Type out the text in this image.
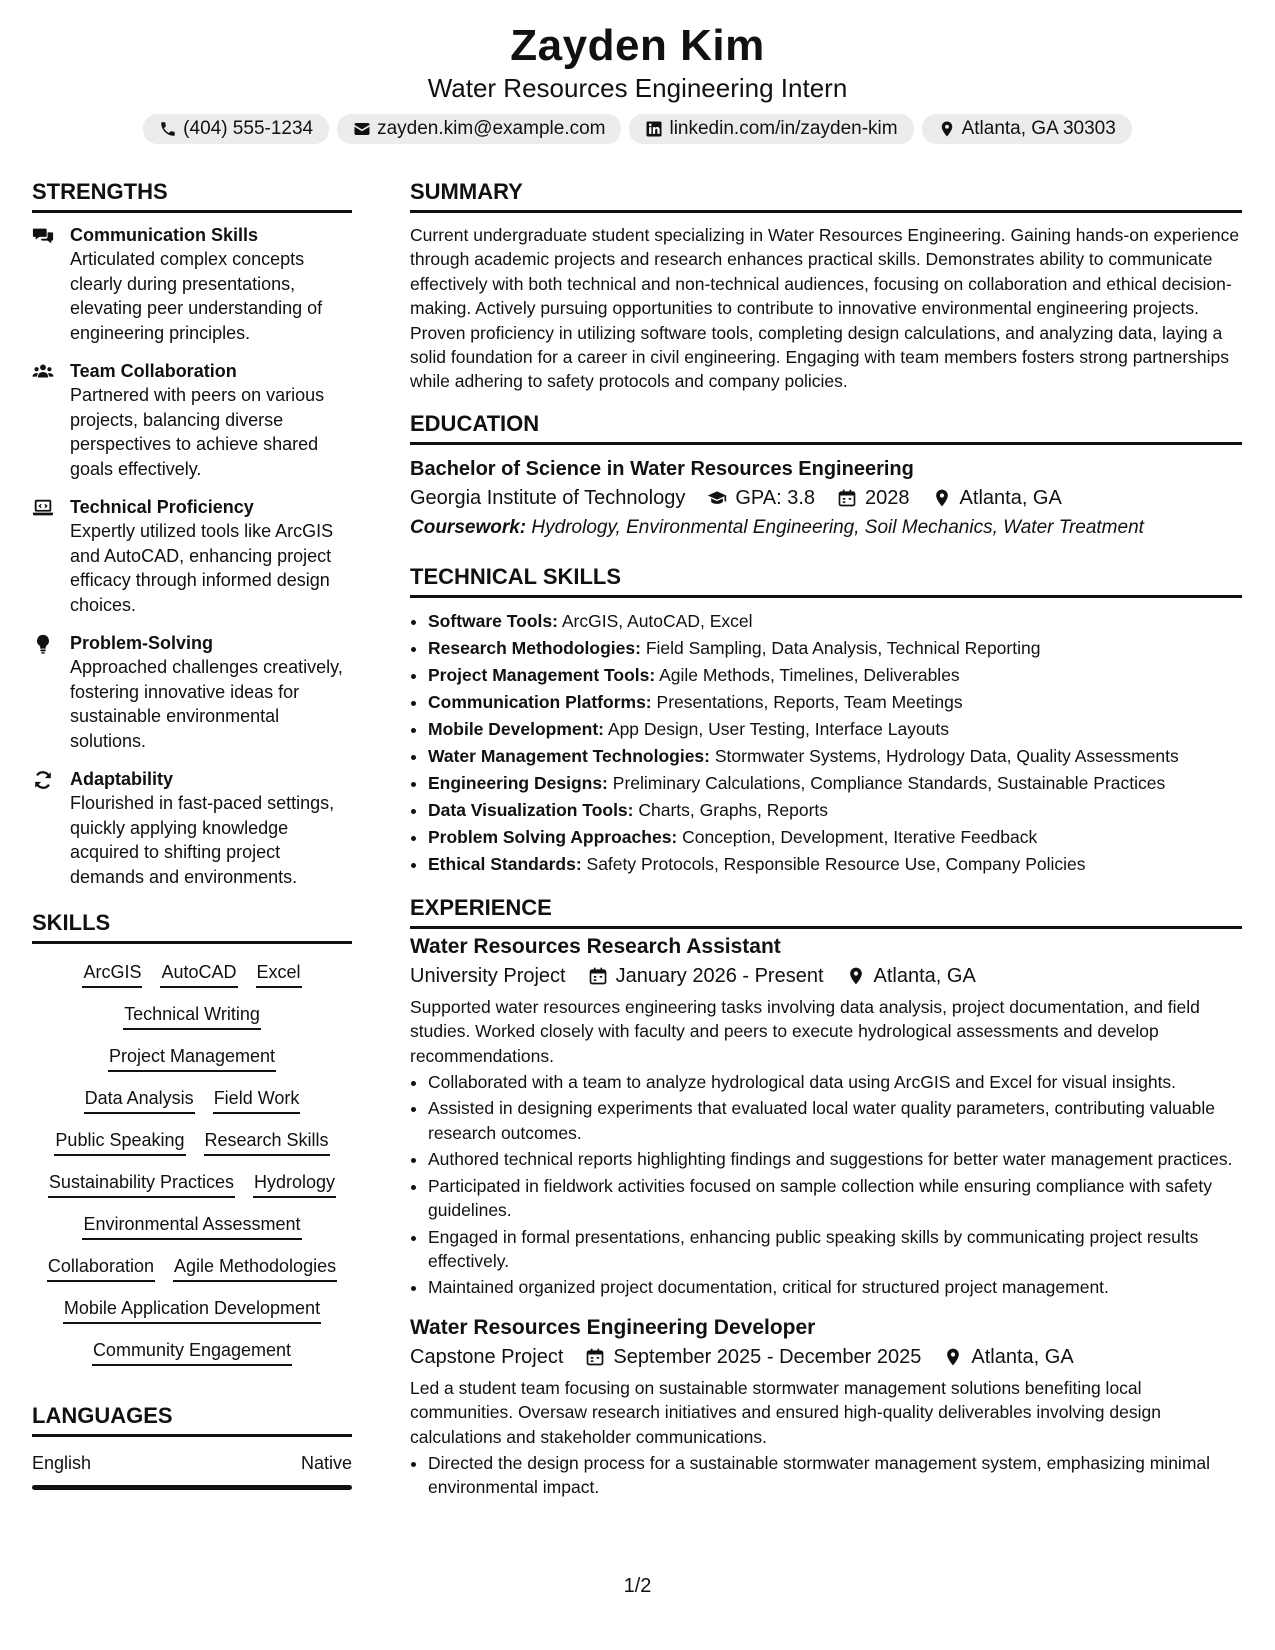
Zayden Kim
Water Resources Engineering Intern
(404) 555-1234	zayden.kim@example.com	linkedin.com/in/zayden-kim	Atlanta, GA 30303
STRENGTHS
Communication Skills
Articulated complex concepts clearly during presentations, elevating peer understanding of engineering principles.
Team Collaboration
Partnered with peers on various projects, balancing diverse perspectives to achieve shared goals effectively.
Technical Proficiency
Expertly utilized tools like ArcGIS and AutoCAD, enhancing project efficacy through informed design choices.
Problem-Solving
Approached challenges creatively, fostering innovative ideas for sustainable environmental solutions.
Adaptability
Flourished in fast-paced settings, quickly applying knowledge acquired to shifting project demands and environments.
SKILLS
ArcGIS AutoCAD Excel
Technical Writing
Project Management
Data Analysis Field Work
Public Speaking Research Skills
Sustainability Practices Hydrology
Environmental Assessment
Collaboration Agile Methodologies
Mobile Application Development
Community Engagement
LANGUAGES
English	Native
SUMMARY

Current undergraduate student specializing in Water Resources Engineering. Gaining hands-on experience through academic projects and research enhances practical skills. Demonstrates ability to communicate effectively with both technical and non-technical audiences, focusing on collaboration and ethical decision-making. Actively pursuing opportunities to contribute to innovative environmental engineering projects. Proven proficiency in utilizing software tools, completing design calculations, and analyzing data, laying a solid foundation for a career in civil engineering. Engaging with team members fosters strong partnerships while adhering to safety protocols and company policies.

EDUCATION
Bachelor of Science in Water Resources Engineering
Georgia Institute of Technology	GPA: 3.8	2028	Atlanta, GA
Coursework: Hydrology, Environmental Engineering, Soil Mechanics, Water Treatment
TECHNICAL SKILLS
• Software Tools: ArcGIS, AutoCAD, Excel
• Research Methodologies: Field Sampling, Data Analysis, Technical Reporting
• Project Management Tools: Agile Methods, Timelines, Deliverables
• Communication Platforms: Presentations, Reports, Team Meetings
• Mobile Development: App Design, User Testing, Interface Layouts
• Water Management Technologies: Stormwater Systems, Hydrology Data, Quality Assessments
• Engineering Designs: Preliminary Calculations, Compliance Standards, Sustainable Practices
• Data Visualization Tools: Charts, Graphs, Reports
• Problem Solving Approaches: Conception, Development, Iterative Feedback
• Ethical Standards: Safety Protocols, Responsible Resource Use, Company Policies
EXPERIENCE
Water Resources Research Assistant
University Project	January 2026 - Present	Atlanta, GA

Supported water resources engineering tasks involving data analysis, project documentation, and field studies. Worked closely with faculty and peers to execute hydrological assessments and develop recommendations.

• Collaborated with a team to analyze hydrological data using ArcGIS and Excel for visual insights.
• Assisted in designing experiments that evaluated local water quality parameters, contributing valuable research outcomes.
• Authored technical reports highlighting findings and suggestions for better water management practices.
• Participated in fieldwork activities focused on sample collection while ensuring compliance with safety guidelines.
• Engaged in formal presentations, enhancing public speaking skills by communicating project results effectively.
• Maintained organized project documentation, critical for structured project management.
Water Resources Engineering Developer
Capstone Project	September 2025 - December 2025	Atlanta, GA

Led a student team focusing on sustainable stormwater management solutions benefiting local communities. Oversaw research initiatives and ensured high-quality deliverables involving design calculations and stakeholder communications.

• Directed the design process for a sustainable stormwater management system, emphasizing minimal environmental impact.
1/2
